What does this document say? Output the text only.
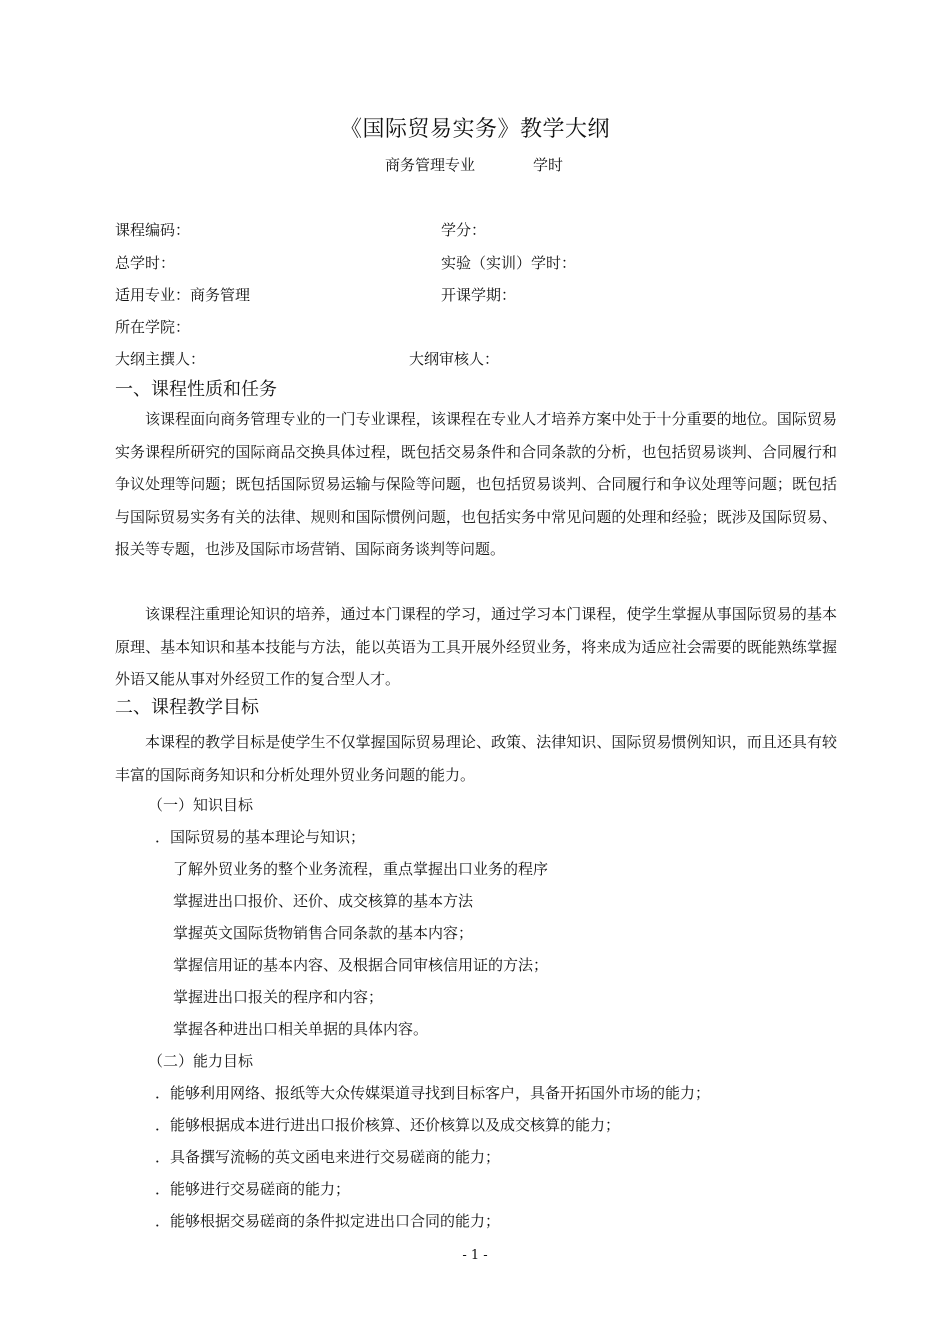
《国际贸易实务》教学大纲
商务管理专业	学时
课程编码：	学分：
总学时：	实验（实训）学时：
适用专业：商务管理	开课学期：
所在学院：
大纲主撰人：	大纲审核人：
一、课程性质和任务
该课程面向商务管理专业的一门专业课程，该课程在专业人才培养方案中处于十分重要的地位。国际贸易实务课程所研究的国际商品交换具体过程，既包括交易条件和合同条款的分析，也包括贸易谈判、合同履行和争议处理等问题；既包括国际贸易运输与保险等问题，也包括贸易谈判、合同履行和争议处理等问题；既包括与国际贸易实务有关的法律、规则和国际惯例问题，也包括实务中常见问题的处理和经验；既涉及国际贸易、报关等专题，也涉及国际市场营销、国际商务谈判等问题。
该课程注重理论知识的培养，通过本门课程的学习，通过学习本门课程，使学生掌握从事国际贸易的基本原理、基本知识和基本技能与方法，能以英语为工具开展外经贸业务，将来成为适应社会需要的既能熟练掌握外语又能从事对外经贸工作的复合型人才。
二、课程教学目标
本课程的教学目标是使学生不仅掌握国际贸易理论、政策、法律知识、国际贸易惯例知识，而且还具有较丰富的国际商务知识和分析处理外贸业务问题的能力。
（一）知识目标
．国际贸易的基本理论与知识；
了解外贸业务的整个业务流程，重点掌握出口业务的程序
掌握进出口报价、还价、成交核算的基本方法
掌握英文国际货物销售合同条款的基本内容；
掌握信用证的基本内容、及根据合同审核信用证的方法；
掌握进出口报关的程序和内容；
掌握各种进出口相关单据的具体内容。
（二）能力目标
．能够利用网络、报纸等大众传媒渠道寻找到目标客户，具备开拓国外市场的能力；
．能够根据成本进行进出口报价核算、还价核算以及成交核算的能力；
．具备撰写流畅的英文函电来进行交易磋商的能力；
．能够进行交易磋商的能力；
．能够根据交易磋商的条件拟定进出口合同的能力；
- 1 -
